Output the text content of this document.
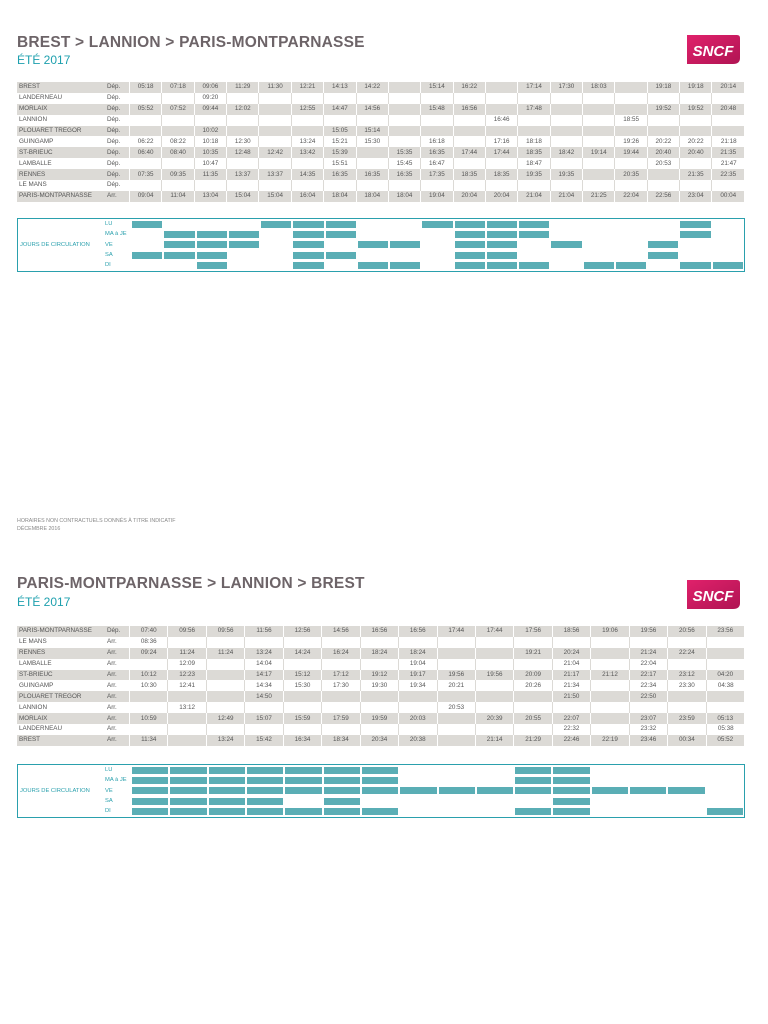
BREST > LANNION > PARIS-MONTPARNASSE
ÉTÉ 2017	SNCF
BREST	Dép.	05:18	07:18	09:06	11:29	11:30	12:21	14:13	14:22		15:14	16:22		17:14	17:30	18:03		19:18	19:18	20:14
LANDERNEAU	Dép.			09:20																
MORLAIX	Dép.	05:52	07:52	09:44	12:02		12:55	14:47	14:56		15:48	16:56		17:48				19:52	19:52	20:48
LANNION	Dép.												16:46				18:55			
PLOUARET TREGOR	Dép.			10:02				15:05	15:14											
GUINGAMP	Dép.	06:22	08:22	10:18	12:30		13:24	15:21	15:30		16:18		17:16	18:18			19:26	20:22	20:22	21:18
ST-BRIEUC	Dép.	06:40	08:40	10:35	12:48	12:42	13:42	15:39		15:35	16:35	17:44	17:44	18:35	18:42	19:14	19:44	20:40	20:40	21:35
LAMBALLE	Dép.			10:47				15:51		15:45	16:47			18:47				20:53		21:47
RENNES	Dép.	07:35	09:35	11:35	13:37	13:37	14:35	16:35	16:35	16:35	17:35	18:35	18:35	19:35	19:35		20:35		21:35	22:35
LE MANS	Dép.																			
PARIS-MONTPARNASSE	Arr.	09:04	11:04	13:04	15:04	15:04	16:04	18:04	18:04	18:04	19:04	20:04	20:04	21:04	21:04	21:25	22:04	22:56	23:04	00:04
	LU	

	MA à JE		

JOURS DE CIRCULATION	VE		

	SA	

	DI			

HORAIRES NON CONTRACTUELS DONNÉS À TITRE INDICATIF
DÉCEMBRE 2016
PARIS-MONTPARNASSE > LANNION > BREST
ÉTÉ 2017	SNCF
PARIS-MONTPARNASSE	Dép.	07:40	09:56	09:56	11:56	12:56	14:56	16:56	16:56	17:44	17:44	17:56	18:56	19:06	19:56	20:56	23:56
LE MANS	Arr.	08:36															
RENNES	Arr.	09:24	11:24	11:24	13:24	14:24	16:24	18:24	18:24			19:21	20:24		21:24	22:24	
LAMBALLE	Arr.		12:09		14:04				19:04				21:04		22:04		
ST-BRIEUC	Arr.	10:12	12:23		14:17	15:12	17:12	19:12	19:17	19:56	19:56	20:09	21:17	21:12	22:17	23:12	04:20
GUINGAMP	Arr.	10:30	12:41		14:34	15:30	17:30	19:30	19:34	20:21		20:26	21:34		22:34	23:30	04:38
PLOUARET TREGOR	Arr.				14:50								21:50		22:50		
LANNION	Arr.		13:12							20:53							
MORLAIX	Arr.	10:59		12:49	15:07	15:59	17:59	19:59	20:03		20:39	20:55	22:07		23:07	23:59	05:13
LANDERNEAU	Arr.												22:32		23:32		05:38
BREST	Arr.	11:34		13:24	15:42	16:34	18:34	20:34	20:38		21:14	21:29	22:46	22:19	23:46	00:34	05:52
	LU	

	MA à JE	

JOURS DE CIRCULATION	VE	

	SA	

	DI	
